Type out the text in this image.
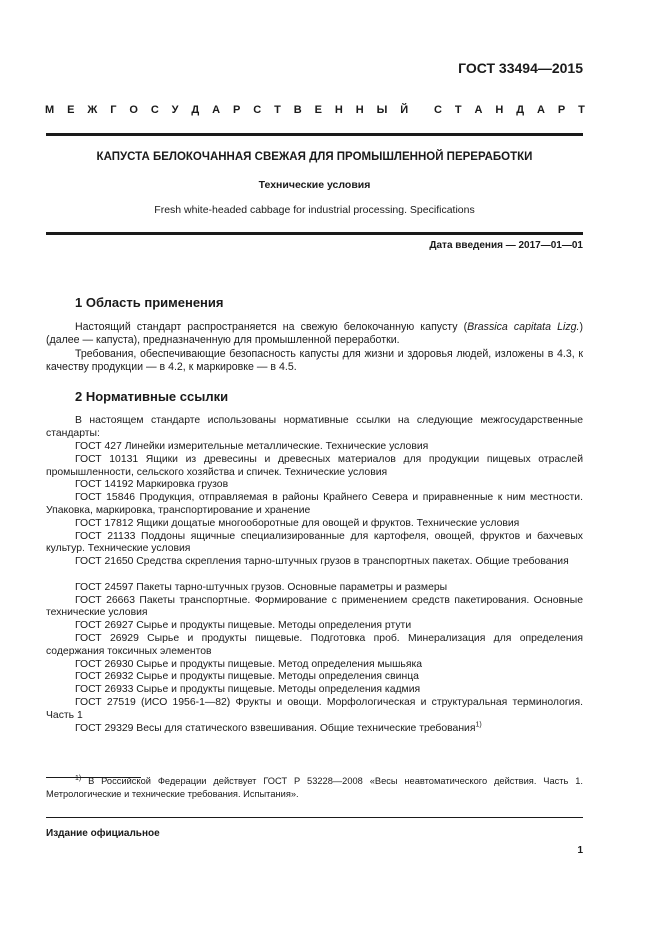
ГОСТ 33494—2015
М Е Ж Г О С У Д А Р С Т В Е Н Н Ы Й С Т А Н Д А Р Т
КАПУСТА БЕЛОКОЧАННАЯ СВЕЖАЯ ДЛЯ ПРОМЫШЛЕННОЙ ПЕРЕРАБОТКИ
Технические условия
Fresh white-headed cabbage for industrial processing. Specifications
Дата введения — 2017—01—01
1 Область применения
Настоящий стандарт распространяется на свежую белокочанную капусту (Brassica capitata Lizg.) (далее — капуста), предназначенную для промышленной переработки.
Требования, обеспечивающие безопасность капусты для жизни и здоровья людей, изложены в 4.3, к качеству продукции — в 4.2, к маркировке — в 4.5.
2 Нормативные ссылки
В настоящем стандарте использованы нормативные ссылки на следующие межгосударственные стандарты:
ГОСТ 427 Линейки измерительные металлические. Технические условия
ГОСТ 10131 Ящики из древесины и древесных материалов для продукции пищевых отраслей промышленности, сельского хозяйства и спичек. Технические условия
ГОСТ 14192 Маркировка грузов
ГОСТ 15846 Продукция, отправляемая в районы Крайнего Севера и приравненные к ним местности. Упаковка, маркировка, транспортирование и хранение
ГОСТ 17812 Ящики дощатые многооборотные для овощей и фруктов. Технические условия
ГОСТ 21133 Поддоны ящичные специализированные для картофеля, овощей, фруктов и бахчевых культур. Технические условия
ГОСТ 21650 Средства скрепления тарно-штучных грузов в транспортных пакетах. Общие требования
ГОСТ 24597 Пакеты тарно-штучных грузов. Основные параметры и размеры
ГОСТ 26663 Пакеты транспортные. Формирование с применением средств пакетирования. Основные технические условия
ГОСТ 26927 Сырье и продукты пищевые. Методы определения ртути
ГОСТ 26929 Сырье и продукты пищевые. Подготовка проб. Минерализация для определения содержания токсичных элементов
ГОСТ 26930 Сырье и продукты пищевые. Метод определения мышьяка
ГОСТ 26932 Сырье и продукты пищевые. Методы определения свинца
ГОСТ 26933 Сырье и продукты пищевые. Методы определения кадмия
ГОСТ 27519 (ИСО 1956-1—82) Фрукты и овощи. Морфологическая и структуральная терминология. Часть 1
ГОСТ 29329 Весы для статического взвешивания. Общие технические требования$^{1)}$
$^{1)}$ В Российской Федерации действует ГОСТ Р 53228—2008 «Весы неавтоматического действия. Часть 1. Метрологические и технические требования. Испытания».
Издание официальное
1
